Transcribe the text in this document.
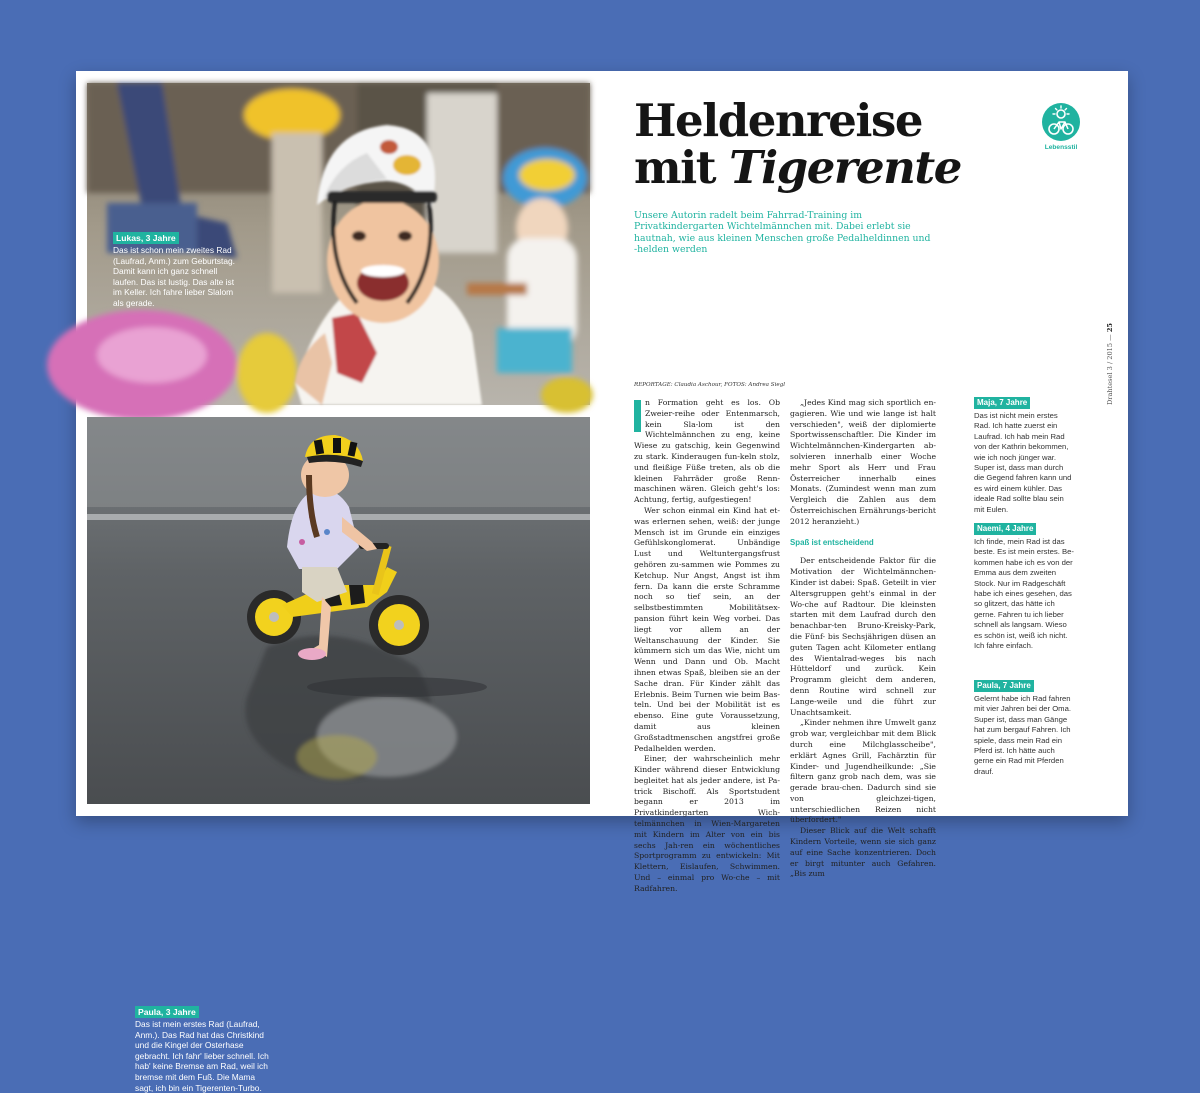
Lukas, 3 Jahre
Das ist schon mein zweites Rad (Laufrad, Anm.) zum Geburtstag. Damit kann ich ganz schnell laufen. Das ist lustig. Das alte ist im Keller. Ich fahre lieber Slalom als gerade.
Paula, 3 Jahre
Das ist mein erstes Rad (Laufrad, Anm.). Das Rad hat das Christkind und die Kingel der Osterhase gebracht. Ich fahr' lieber schnell. Ich hab' keine Bremse am Rad, weil ich bremse mit dem Fuß. Die Mama sagt, ich bin ein Tigerenten-Turbo.
Heldenreise
mit Tigerente	Lebensstil

Unsere Autorin radelt beim Fahrrad-Training im Privatkindergarten Wichtelmännchen mit. Dabei erlebt sie hautnah, wie aus kleinen Menschen große Pedalheldinnen und -helden werden

REPORTAGE: Claudia Aschour, FOTOS: Andrea Siegl	Drahtesel 3 / 2015 — 25

n Formation geht es los. Ob Zweier-reihe oder Entenmarsch, kein Sla-lom ist den Wichtelmännchen zu eng, keine Wiese zu gatschig, kein Gegenwind zu stark. Kinderaugen fun-keln stolz, und fleißige Füße treten, als ob die kleinen Fahrräder große Renn-maschinen wären. Gleich geht's los: Achtung, fertig, aufgestiegen!

Wer schon einmal ein Kind hat et-was erlernen sehen, weiß: der junge Mensch ist im Grunde ein einziges Gefühlskonglomerat. Unbändige Lust und Weltuntergangsfrust gehören zu-sammen wie Pommes zu Ketchup. Nur Angst, Angst ist ihm fern. Da kann die erste Schramme noch so tief sein, an der selbstbestimmten Mobilitätsex-pansion führt kein Weg vorbei. Das liegt vor allem an der Weltanschauung der Kinder. Sie kümmern sich um das Wie, nicht um Wenn und Dann und Ob. Macht ihnen etwas Spaß, bleiben sie an der Sache dran. Für Kinder zählt das Erlebnis. Beim Turnen wie beim Bas-teln. Und bei der Mobilität ist es ebenso. Eine gute Voraussetzung, damit aus kleinen Großstadtmenschen angstfrei große Pedalhelden werden.

Einer, der wahrscheinlich mehr Kinder während dieser Entwicklung begleitet hat als jeder andere, ist Pa-trick Bischoff. Als Sportstudent begann er 2013 im Privatkindergarten Wich-telmännchen in Wien-Margareten mit Kindern im Alter von ein bis sechs Jah-ren ein wöchentliches Sportprogramm zu entwickeln: Mit Klettern, Eislaufen, Schwimmen. Und – einmal pro Wo-che – mit Radfahren.

„Jedes Kind mag sich sportlich en-gagieren. Wie und wie lange ist halt verschieden", weiß der diplomierte Sportwissenschaftler. Die Kinder im Wichtelmännchen-Kindergarten ab-solvieren innerhalb einer Woche mehr Sport als Herr und Frau Österreicher innerhalb eines Monats. (Zumindest wenn man zum Vergleich die Zahlen aus dem Österreichischen Ernährungs-bericht 2012 heranzieht.)

Spaß ist entscheidend

Der entscheidende Faktor für die Motivation der Wichtelmännchen-Kinder ist dabei: Spaß. Geteilt in vier Altersgruppen geht's einmal in der Wo-che auf Radtour. Die kleinsten starten mit dem Laufrad durch den benachbar-ten Bruno-Kreisky-Park, die Fünf- bis Sechsjährigen düsen an guten Tagen acht Kilometer entlang des Wientalrad-weges bis nach Hütteldorf und zurück. Kein Programm gleicht dem anderen, denn Routine wird schnell zur Lange-weile und die führt zur Unachtsamkeit.

„Kinder nehmen ihre Umwelt ganz grob war, vergleichbar mit dem Blick durch eine Milchglasscheibe", erklärt Agnes Grill, Fachärztin für Kinder- und Jugendheilkunde: „Sie filtern ganz grob nach dem, was sie gerade brau-chen. Dadurch sind sie von gleichzei-tigen, unterschiedlichen Reizen nicht überfordert."

Dieser Blick auf die Welt schafft Kindern Vorteile, wenn sie sich ganz auf eine Sache konzentrieren. Doch er birgt mitunter auch Gefahren. „Bis zum

Maja, 7 Jahre
Das ist nicht mein erstes Rad. Ich hatte zuerst ein Laufrad. Ich hab mein Rad von der Kathrin bekommen, wie ich noch jünger war. Super ist, dass man durch die Gegend fahren kann und es wird einem kühler. Das ideale Rad sollte blau sein mit Eulen.
Naemi, 4 Jahre
Ich finde, mein Rad ist das beste. Es ist mein erstes. Be-kommen habe ich es von der Emma aus dem zweiten Stock. Nur im Radgeschäft habe ich eines gesehen, das so glitzert, das hätte ich gerne. Fahren tu ich lieber schnell als langsam. Wieso es schön ist, weiß ich nicht. Ich fahre einfach.
Paula, 7 Jahre
Gelernt habe ich Rad fahren mit vier Jahren bei der Oma. Super ist, dass man Gänge hat zum bergauf Fahren. Ich spiele, dass mein Rad ein Pferd ist. Ich hätte auch gerne ein Rad mit Pferden drauf.
